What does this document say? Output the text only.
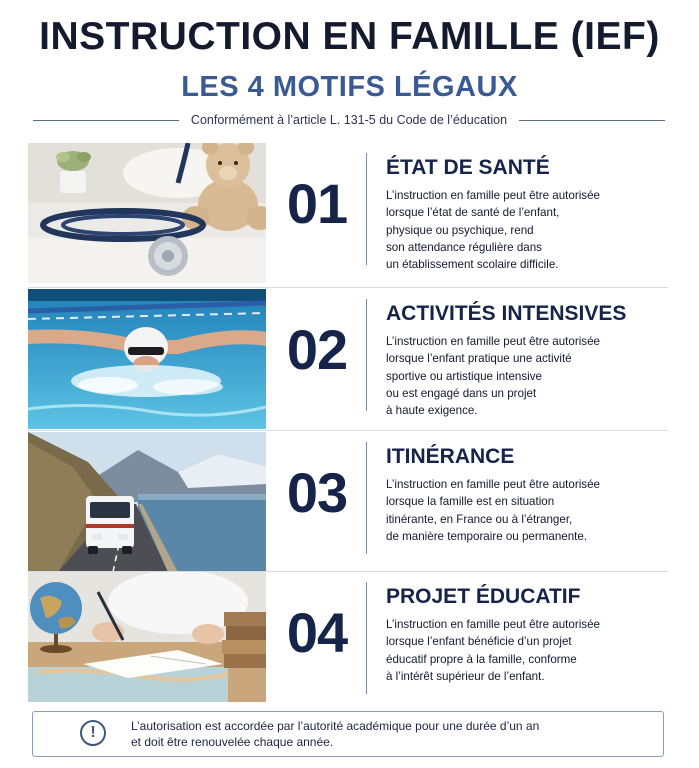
INSTRUCTION EN FAMILLE (IEF)
LES 4 MOTIFS LÉGAUX
Conformément à l’article L. 131-5 du Code de l’éducation
01
ÉTAT DE SANTÉ
L’instruction en famille peut être autorisée
lorsque l’état de santé de l’enfant,
physique ou psychique, rend
son attendance régulière dans
un établissement scolaire difficile.
02
ACTIVITÉS INTENSIVES
L’instruction en famille peut être autorisée
lorsque l’enfant pratique une activité
sportive ou artistique intensive
ou est engagé dans un projet
à haute exigence.
03
ITINÉRANCE
L’instruction en famille peut être autorisée
lorsque la famille est en situation
itinérante, en France ou à l’étranger,
de manière temporaire ou permanente.
04
PROJET ÉDUCATIF
L’instruction en famille peut être autorisée
lorsque l’enfant bénéficie d’un projet
éducatif propre à la famille, conforme
à l’intérêt supérieur de l’enfant.
!	L’autorisation est accordée par l’autorité académique pour une durée d’un an
et doit être renouvelée chaque année.
